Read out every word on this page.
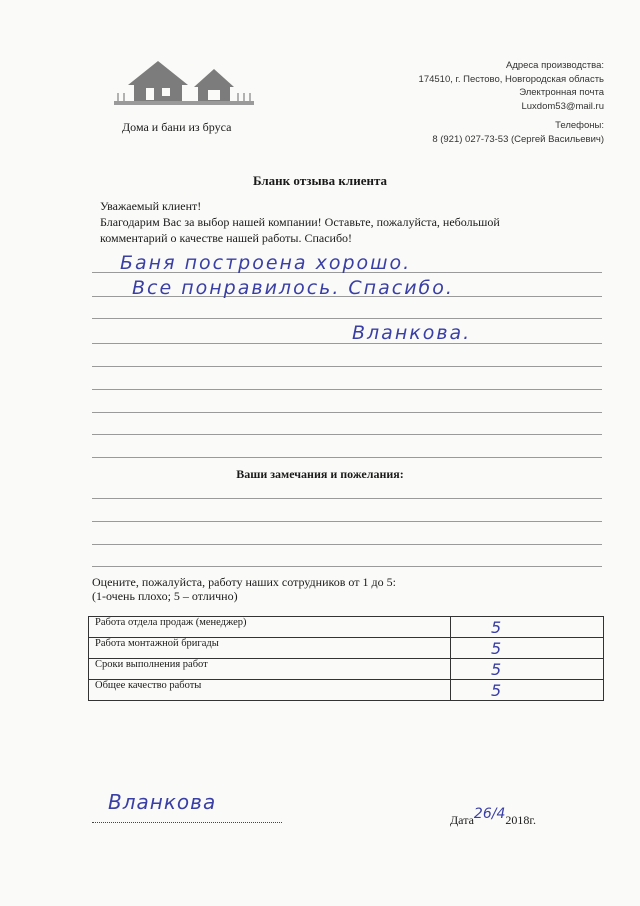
Дома и бани из бруса
Адреса производства:
174510, г. Пестово, Новгородская область
Электронная почта
Luxdom53@mail.ru
Телефоны:
8 (921) 027-73-53 (Сергей Васильевич)
Бланк отзыва клиента
Уважаемый клиент!
Благодарим Вас за выбор нашей компании! Оставьте, пожалуйста, небольшой комментарий о качестве нашей работы. Спасибо!
Баня построена хорошо.
Все понравилось. Спасибо.
Вланкова.
Ваши замечания и пожелания:
Оцените, пожалуйста, работу наших сотрудников от 1 до 5:
(1-очень плохо; 5 – отлично)
Работа отдела продаж (менеджер)	5

Работа монтажной бригады	5

Сроки выполнения работ	5

Общее качество работы	5
Вланкова
Дата26/42018г.
